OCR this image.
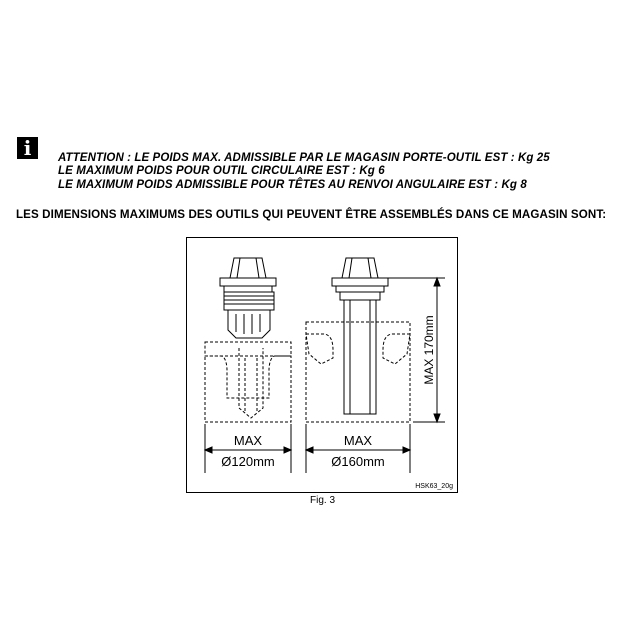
i	ATTENTION : LE POIDS MAX. ADMISSIBLE PAR LE MAGASIN PORTE-OUTIL EST : Kg 25
LE MAXIMUM POIDS POUR OUTIL CIRCULAIRE EST : Kg 6
LE MAXIMUM POIDS ADMISSIBLE POUR TÊTES AU RENVOI ANGULAIRE EST : Kg 8
LES DIMENSIONS MAXIMUMS DES OUTILS QUI PEUVENT ÊTRE ASSEMBLÉS DANS CE MAGASIN SONT:
MAX
Ø120mm
MAX
Ø160mm
MAX 170mm
HSK63_20g
Fig. 3
